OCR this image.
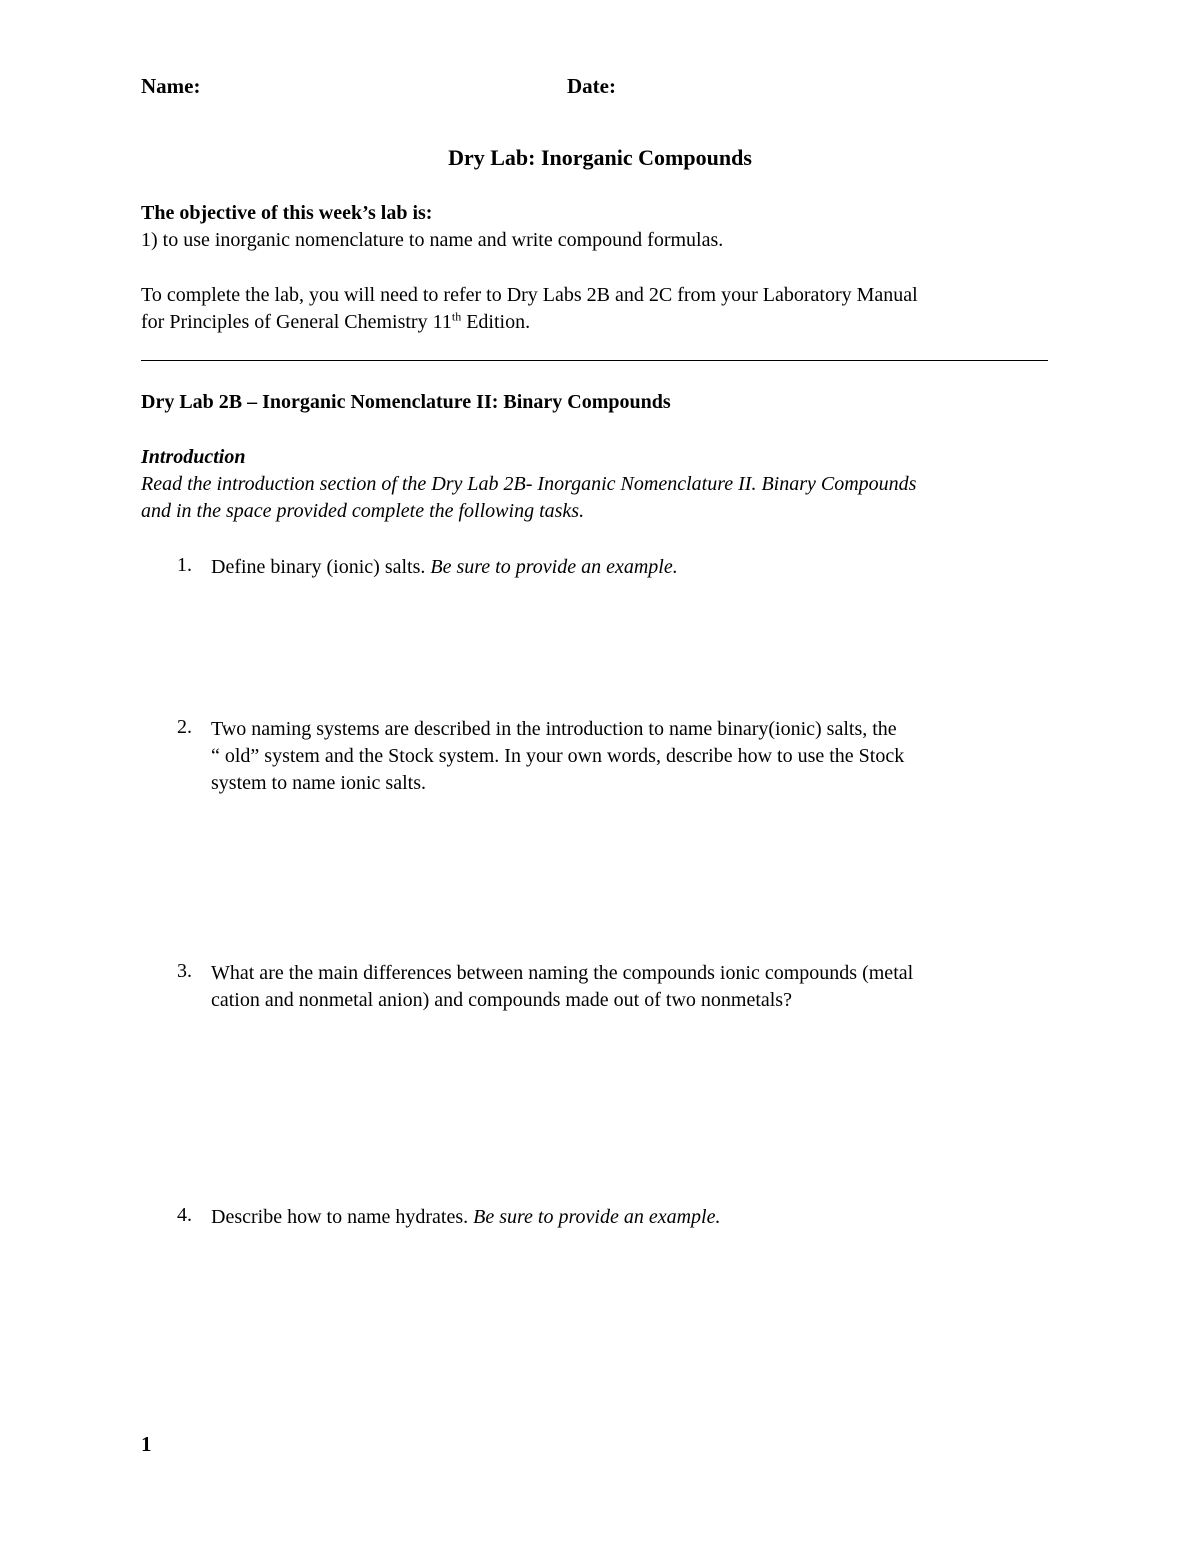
Name:	Date:
Dry Lab: Inorganic Compounds
The objective of this week’s lab is:
1) to use inorganic nomenclature to name and write compound formulas.
To complete the lab, you will need to refer to Dry Labs 2B and 2C from your Laboratory Manual
for Principles of General Chemistry 11th Edition.
Dry Lab 2B – Inorganic Nomenclature II: Binary Compounds
Introduction
Read the introduction section of the Dry Lab 2B- Inorganic Nomenclature II. Binary Compounds
and in the space provided complete the following tasks.
1. Define binary (ionic) salts. Be sure to provide an example.
2. Two naming systems are described in the introduction to name binary(ionic) salts, the
“ old” system and the Stock system. In your own words, describe how to use the Stock
system to name ionic salts.
3. What are the main differences between naming the compounds ionic compounds (metal
cation and nonmetal anion) and compounds made out of two nonmetals?
4. Describe how to name hydrates. Be sure to provide an example.
1
